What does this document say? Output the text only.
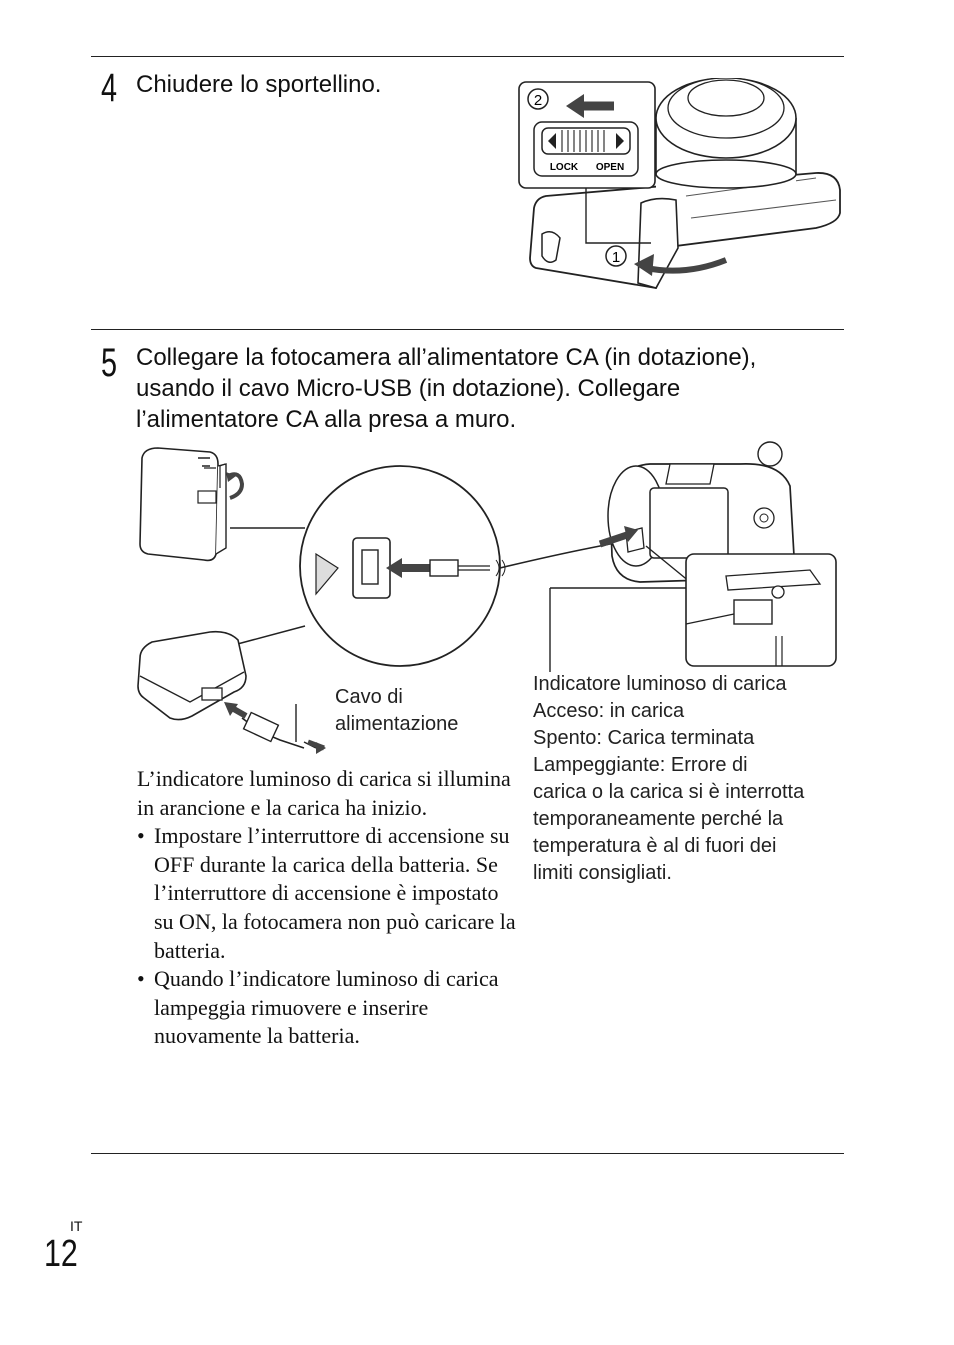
4 Chiudere lo sportellino.
1
2
LOCK OPEN
5 Collegare la fotocamera all’alimentatore CA (in dotazione),
usando il cavo Micro-USB (in dotazione). Collegare
l’alimentatore CA alla presa a muro.
Cavo di
alimentazione
Indicatore luminoso di carica
Acceso: in carica
Spento: Carica terminata
Lampeggiante: Errore di
carica o la carica si è interrotta
temporaneamente perché la
temperatura è al di fuori dei
limiti consigliati.

L’indicatore luminoso di carica si illumina in arancione e la carica ha inizio.

• Impostare l’interruttore di accensione su OFF durante la carica della batteria. Se l’interruttore di accensione è impostato su ON, la fotocamera non può caricare la batteria.
• Quando l’indicatore luminoso di carica lampeggia rimuovere e inserire nuovamente la batteria.
IT
12
